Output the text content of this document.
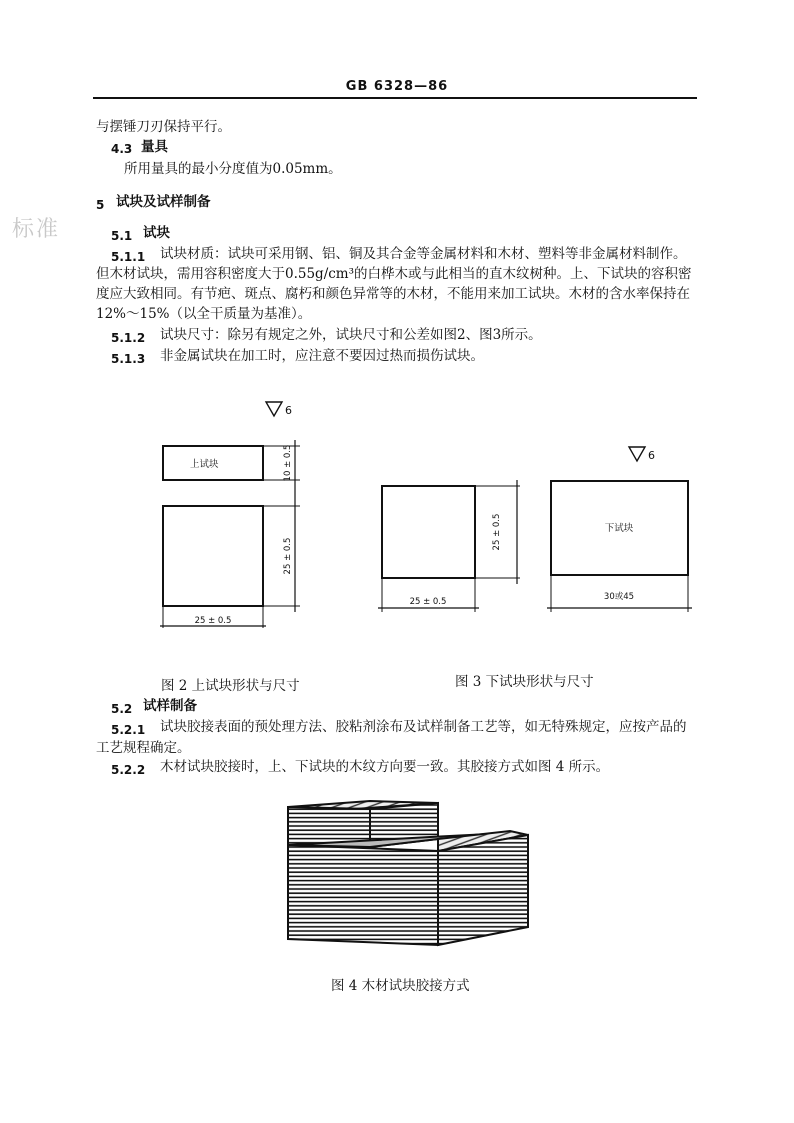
GB 6328—86
标准
与摆锤刀刃保持平行。
4.3 量具
所用量具的最小分度值为0.05mm。
5 试块及试样制备
5.1 试块
5.1.1 试块材质：试块可采用钢、铝、铜及其合金等金属材料和木材、塑料等非金属材料制作。
但木材试块，需用容积密度大于0.55g/cm³的白桦木或与此相当的直木纹树种。上、下试块的容积密
度应大致相同。有节疤、斑点、腐朽和颜色异常等的木材，不能用来加工试块。木材的含水率保持在
12%～15%（以全干质量为基准）。
5.1.2 试块尺寸：除另有规定之外，试块尺寸和公差如图2、图3所示。
5.1.3 非金属试块在加工时，应注意不要因过热而损伤试块。
6
上试块	10 ± 0.5
25 ± 0.5
25 ± 0.5
6
25 ± 0.5
25 ± 0.5
下试块
30或45
图 2 上试块形状与尺寸	图 3 下试块形状与尺寸
5.2 试样制备
5.2.1 试块胶接表面的预处理方法、胶粘剂涂布及试样制备工艺等，如无特殊规定，应按产品的
工艺规程确定。
5.2.2 木材试块胶接时，上、下试块的木纹方向要一致。其胶接方式如图 4 所示。
图 4 木材试块胶接方式
